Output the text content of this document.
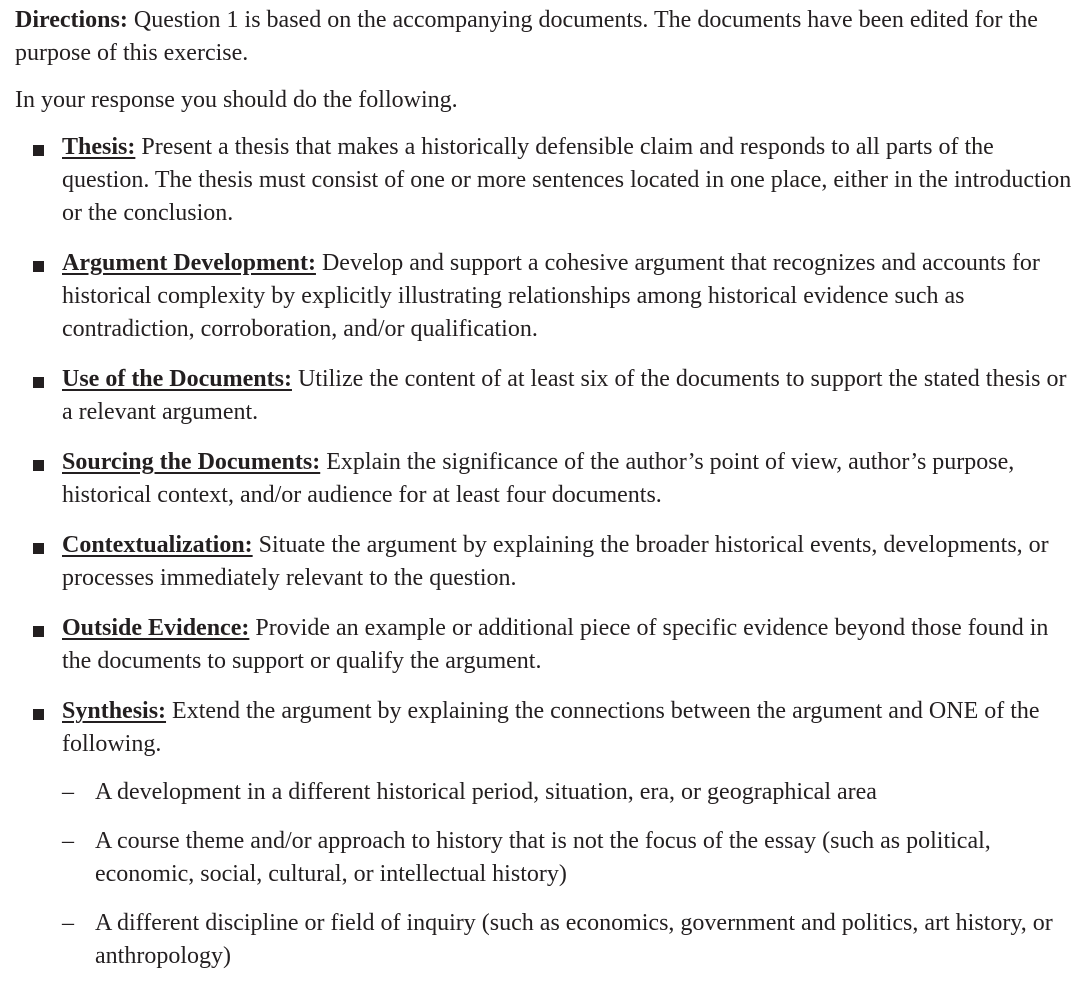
Directions: Question 1 is based on the accompanying documents. The documents have been edited for the purpose of this exercise.

In your response you should do the following.

Thesis: Present a thesis that makes a historically defensible claim and responds to all parts of the question. The thesis must consist of one or more sentences located in one place, either in the introduction or the conclusion.
Argument Development: Develop and support a cohesive argument that recognizes and accounts for historical complexity by explicitly illustrating relationships among historical evidence such as contradiction, corroboration, and/or qualification.
Use of the Documents: Utilize the content of at least six of the documents to support the stated thesis or a relevant argument.
Sourcing the Documents: Explain the significance of the author’s point of view, author’s purpose, historical context, and/or audience for at least four documents.
Contextualization: Situate the argument by explaining the broader historical events, developments, or processes immediately relevant to the question.
Outside Evidence: Provide an example or additional piece of specific evidence beyond those found in the documents to support or qualify the argument.
Synthesis: Extend the argument by explaining the connections between the argument and ONE of the following.
– A development in a different historical period, situation, era, or geographical area
– A course theme and/or approach to history that is not the focus of the essay (such as political, economic, social, cultural, or intellectual history)
– A different discipline or field of inquiry (such as economics, government and politics, art history, or anthropology)
